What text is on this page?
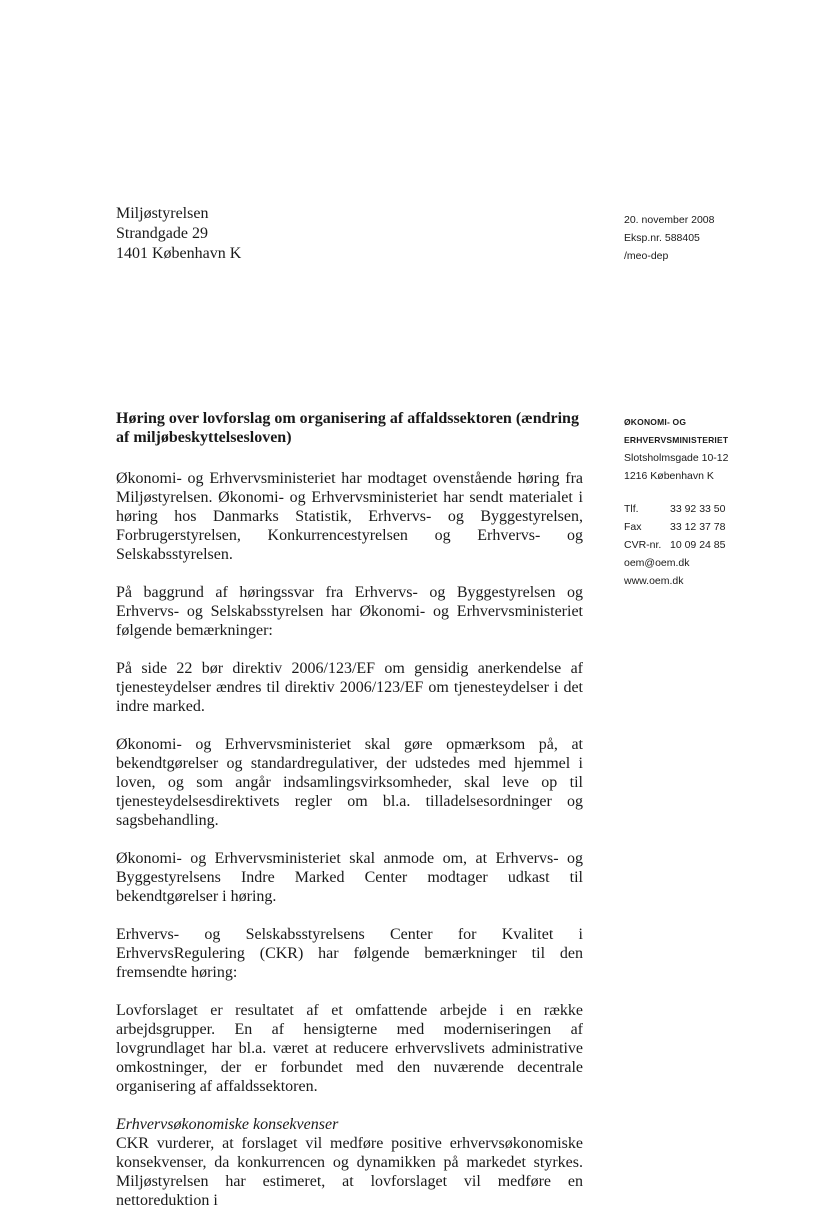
Miljøstyrelsen
Strandgade 29
1401 København K
20. november 2008
Eksp.nr. 588405
/meo-dep
ØKONOMI- OG
ERHVERVSMINISTERIET
Slotsholmsgade 10-12
1216 København K
Tlf.	33 92 33 50
Fax	33 12 37 78
CVR-nr. 10 09 24 85
oem@oem.dk
www.oem.dk
Høring over lovforslag om organisering af affaldssektoren (ændring af miljøbeskyttelsesloven)

Økonomi- og Erhvervsministeriet har modtaget ovenstående høring fra Miljøstyrelsen. Økonomi- og Erhvervsministeriet har sendt materialet i høring hos Danmarks Statistik, Erhvervs- og Byggestyrelsen, Forbrugerstyrelsen, Konkurrencestyrelsen og Erhvervs- og Selskabsstyrelsen.

På baggrund af høringssvar fra Erhvervs- og Byggestyrelsen og Erhvervs- og Selskabsstyrelsen har Økonomi- og Erhvervsministeriet følgende bemærkninger:

På side 22 bør direktiv 2006/123/EF om gensidig anerkendelse af tjenesteydelser ændres til direktiv 2006/123/EF om tjenesteydelser i det indre marked.

Økonomi- og Erhvervsministeriet skal gøre opmærksom på, at bekendtgørelser og standardregulativer, der udstedes med hjemmel i loven, og som angår indsamlingsvirksomheder, skal leve op til tjenesteydelsesdirektivets regler om bl.a. tilladelsesordninger og sagsbehandling.

Økonomi- og Erhvervsministeriet skal anmode om, at Erhvervs- og Byggestyrelsens Indre Marked Center modtager udkast til bekendtgørelser i høring.

Erhvervs- og Selskabsstyrelsens Center for Kvalitet i ErhvervsRegulering (CKR) har følgende bemærkninger til den fremsendte høring:

Lovforslaget er resultatet af et omfattende arbejde i en række arbejdsgrupper. En af hensigterne med moderniseringen af lovgrundlaget har bl.a. været at reducere erhvervslivets administrative omkostninger, der er forbundet med den nuværende decentrale organisering af affaldssektoren.

Erhvervsøkonomiske konsekvenser

CKR vurderer, at forslaget vil medføre positive erhvervsøkonomiske konsekvenser, da konkurrencen og dynamikken på markedet styrkes. Miljøstyrelsen har estimeret, at lovforslaget vil medføre en nettoreduktion i
